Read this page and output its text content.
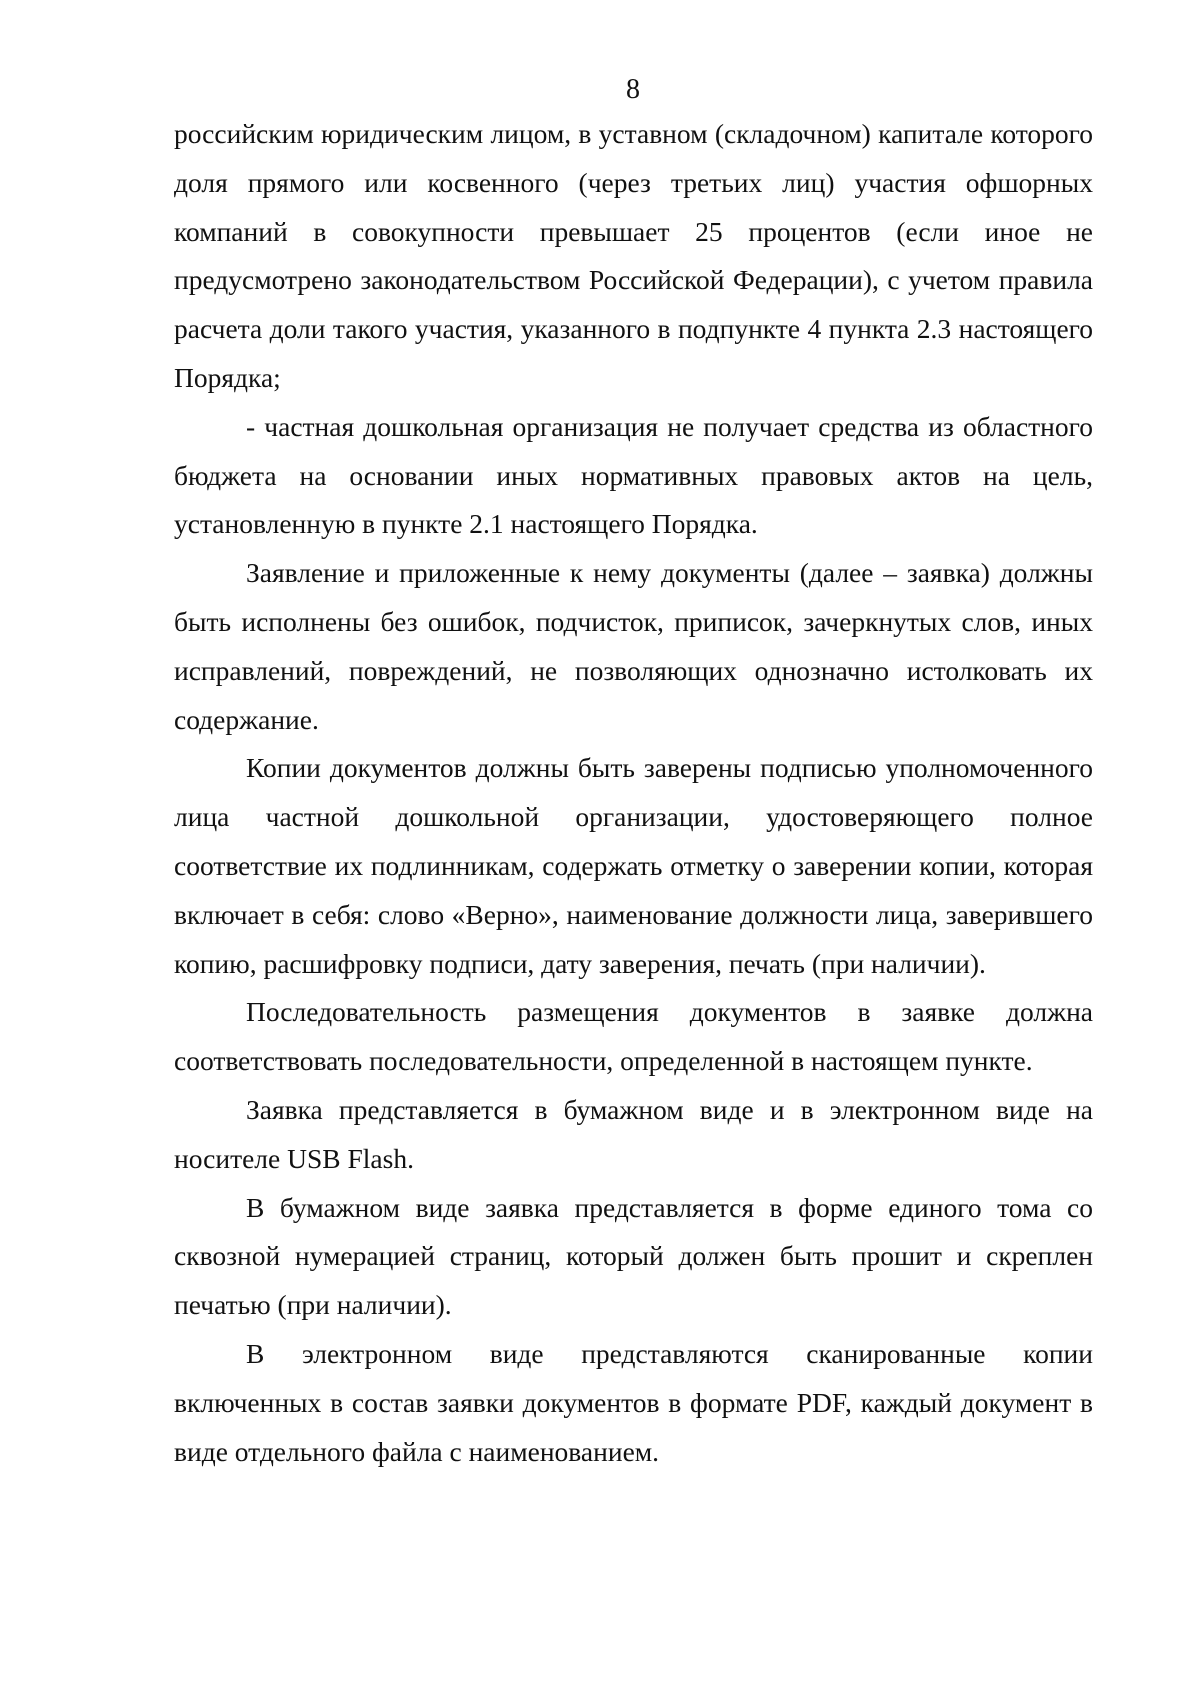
8

российским юридическим лицом, в уставном (складочном) капитале которого доля прямого или косвенного (через третьих лиц) участия офшорных компаний в совокупности превышает 25 процентов (если иное не предусмотрено законодательством Российской Федерации), с учетом правила расчета доли такого участия, указанного в подпункте 4 пункта 2.3 настоящего Порядка;

- частная дошкольная организация не получает средства из областного бюджета на основании иных нормативных правовых актов на цель, установленную в пункте 2.1 настоящего Порядка.

Заявление и приложенные к нему документы (далее – заявка) должны быть исполнены без ошибок, подчисток, приписок, зачеркнутых слов, иных исправлений, повреждений, не позволяющих однозначно истолковать их содержание.

Копии документов должны быть заверены подписью уполномоченного лица частной дошкольной организации, удостоверяющего полное соответствие их подлинникам, содержать отметку о заверении копии, которая включает в себя: слово «Верно», наименование должности лица, заверившего копию, расшифровку подписи, дату заверения, печать (при наличии).

Последовательность размещения документов в заявке должна соответствовать последовательности, определенной в настоящем пункте.

Заявка представляется в бумажном виде и в электронном виде на носителе USB Flash.

В бумажном виде заявка представляется в форме единого тома со сквозной нумерацией страниц, который должен быть прошит и скреплен печатью (при наличии).

В электронном виде представляются сканированные копии включенных в состав заявки документов в формате PDF, каждый документ в виде отдельного файла с наименованием.
